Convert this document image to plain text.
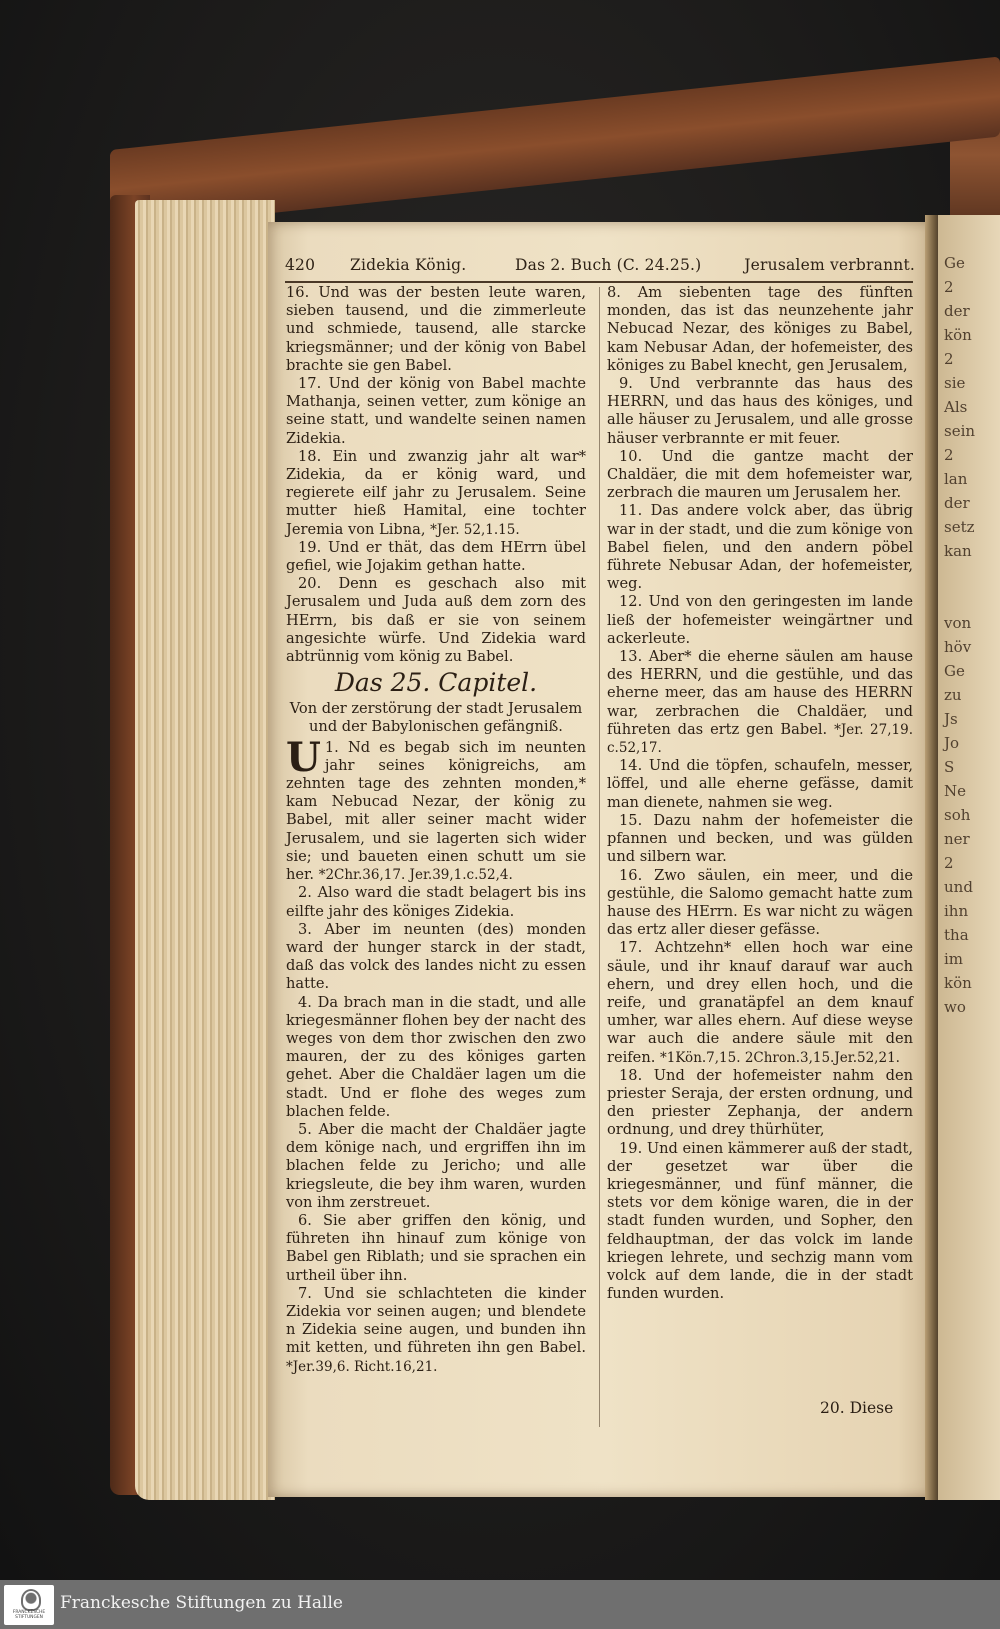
Ge
2
der
kön
2
sie
Als
sein
2
lan
der
setz
kan

von
höv
Ge
zu
Js
Jo
S
Ne
soh
ner
2
und
ihn
tha
im
kön
wo
420 Zidekia König.	Das 2. Buch (C. 24.25.)	Jerusalem verbrannt.

16. Und was der besten leute waren, sieben tausend, und die zimmerleute und schmiede, tausend, alle starcke kriegsmänner; und der könig von Babel brachte sie gen Babel.

17. Und der könig von Babel machte Mathanja, seinen vetter, zum könige an seine statt, und wandelte seinen namen Zidekia.

18. Ein und zwanzig jahr alt war* Zidekia, da er könig ward, und regierete eilf jahr zu Jerusalem. Seine mutter hieß Hamital, eine tochter Jeremia von Libna, *Jer. 52,1.15.

19. Und er thät, das dem HErrn übel gefiel, wie Jojakim gethan hatte.

20. Denn es geschach also mit Jerusalem und Juda auß dem zorn des HErrn, bis daß er sie von seinem angesichte würfe. Und Zidekia ward abtrünnig vom könig zu Babel.

Das 25. Capitel.

Von der zerstörung der stadt Jerusalem und der Babylonischen gefängniß.

1.
U Nd es begab sich im neunten jahr seines königreichs, am zehnten tage des zehnten monden,* kam Nebucad Nezar, der könig zu Babel, mit aller seiner macht wider Jerusalem, und sie lagerten sich wider sie; und baueten einen schutt um sie her. *2Chr.36,17. Jer.39,1.c.52,4.

2. Also ward die stadt belagert bis ins eilfte jahr des königes Zidekia.

3. Aber im neunten (des) monden ward der hunger starck in der stadt, daß das volck des landes nicht zu essen hatte.

4. Da brach man in die stadt, und alle kriegesmänner flohen bey der nacht des weges von dem thor zwischen den zwo mauren, der zu des königes garten gehet. Aber die Chaldäer lagen um die stadt. Und er flohe des weges zum blachen felde.

5. Aber die macht der Chaldäer jagte dem könige nach, und ergriffen ihn im blachen felde zu Jericho; und alle kriegsleute, die bey ihm waren, wurden von ihm zerstreuet.

6. Sie aber griffen den könig, und führeten ihn hinauf zum könige von Babel gen Riblath; und sie sprachen ein urtheil über ihn.

7. Und sie schlachteten die kinder Zidekia vor seinen augen; und blendete n Zidekia seine augen, und bunden ihn mit ketten, und führeten ihn gen Babel. *Jer.39,6. Richt.16,21.

8. Am siebenten tage des fünften monden, das ist das neunzehente jahr Nebucad Nezar, des königes zu Babel, kam Nebusar Adan, der hofemeister, des königes zu Babel knecht, gen Jerusalem,

9. Und verbrannte das haus des HERRN, und das haus des königes, und alle häuser zu Jerusalem, und alle grosse häuser verbrannte er mit feuer.

10. Und die gantze macht der Chaldäer, die mit dem hofemeister war, zerbrach die mauren um Jerusalem her.

11. Das andere volck aber, das übrig war in der stadt, und die zum könige von Babel fielen, und den andern pöbel führete Nebusar Adan, der hofemeister, weg.

12. Und von den geringesten im lande ließ der hofemeister weingärtner und ackerleute.

13. Aber* die eherne säulen am hause des HERRN, und die gestühle, und das eherne meer, das am hause des HERRN war, zerbrachen die Chaldäer, und führeten das ertz gen Babel. *Jer. 27,19. c.52,17.

14. Und die töpfen, schaufeln, messer, löffel, und alle eherne gefässe, damit man dienete, nahmen sie weg.

15. Dazu nahm der hofemeister die pfannen und becken, und was gülden und silbern war.

16. Zwo säulen, ein meer, und die gestühle, die Salomo gemacht hatte zum hause des HErrn. Es war nicht zu wägen das ertz aller dieser gefässe.

17. Achtzehn* ellen hoch war eine säule, und ihr knauf darauf war auch ehern, und drey ellen hoch, und die reife, und granatäpfel an dem knauf umher, war alles ehern. Auf diese weyse war auch die andere säule mit den reifen. *1Kön.7,15. 2Chron.3,15.Jer.52,21.

18. Und der hofemeister nahm den priester Seraja, der ersten ordnung, und den priester Zephanja, der andern ordnung, und drey thürhüter,

19. Und einen kämmerer auß der stadt, der gesetzet war über die kriegesmänner, und fünf männer, die stets vor dem könige waren, die in der stadt funden wurden, und Sopher, den feldhauptman, der das volck im lande kriegen lehrete, und sechzig mann vom volck auf dem lande, die in der stadt funden wurden.

20. Diese
FRANCKESCHE STIFTUNGEN
Franckesche Stiftungen zu Halle
